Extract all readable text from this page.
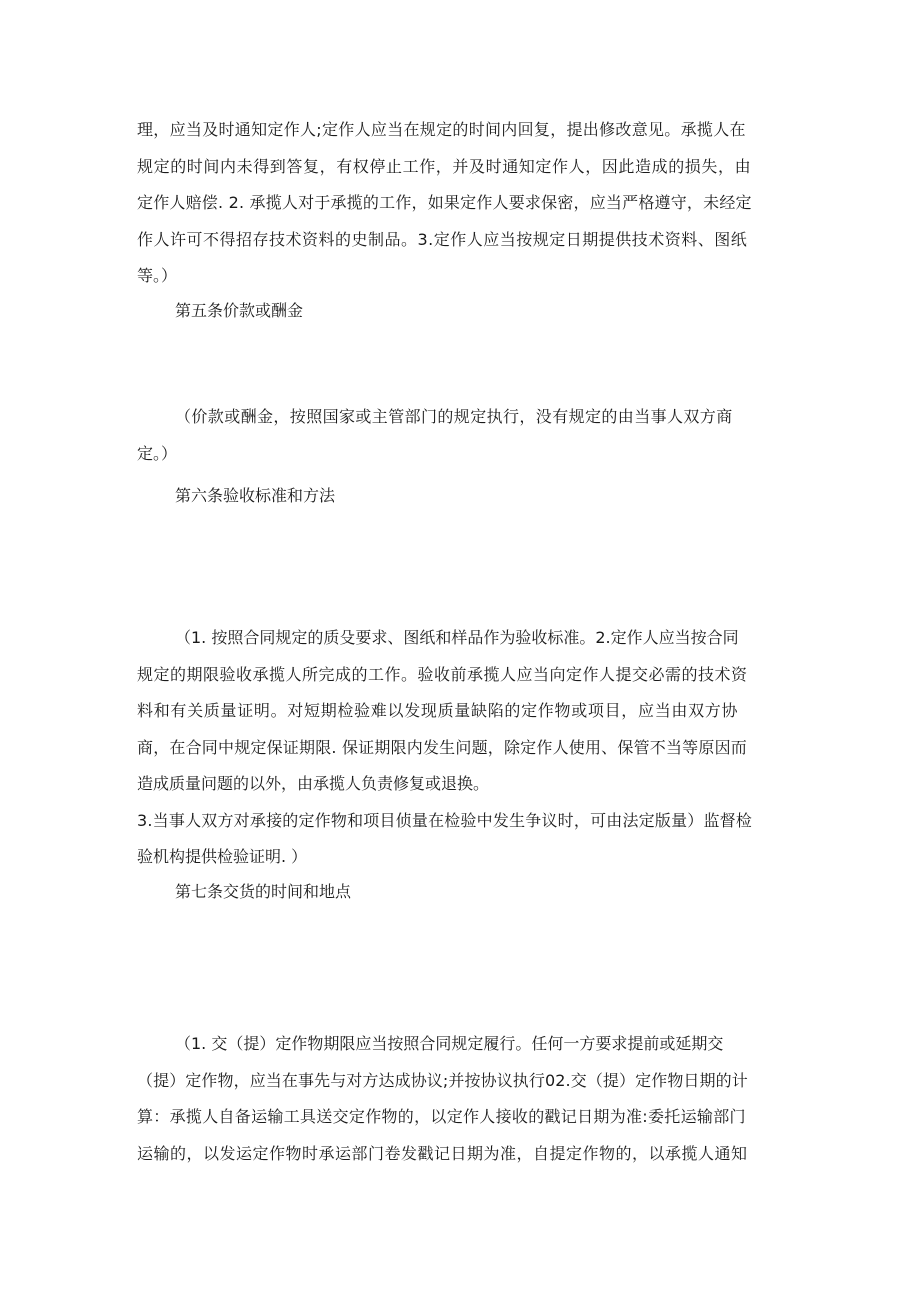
理，应当及时通知定作人;定作人应当在规定的时间内回复，提出修改意见。承揽人在
规定的时间内未得到答复，有权停止工作，并及时通知定作人，因此造成的损失，由
定作人赔偿. 2. 承揽人对于承揽的工作，如果定作人要求保密，应当严格遵守，未经定
作人许可不得招存技术资料的史制品。3.定作人应当按规定日期提供技术资料、图纸
等。）
第五条价款或酬金
（价款或酬金，按照国家或主管部门的规定执行，没有规定的由当事人双方商
定。）
第六条验收标准和方法
（1. 按照合同规定的质殳要求、图纸和样品作为验收标准。2.定作人应当按合同
规定的期限验收承揽人所完成的工作。验收前承揽人应当向定作人提交必需的技术资
料和有关质量证明。对短期检验难以发现质量缺陷的定作物或项目，应当由双方协
商，在合同中规定保证期限. 保证期限内发生问题，除定作人使用、保管不当等原因而
造成质量问题的以外，由承揽人负责修复或退换。
3.当事人双方对承接的定作物和项目侦量在检验中发生争议时，可由法定版量）监督检
验机构提供检验证明. ）
第七条交货的时间和地点
（1. 交（提）定作物期限应当按照合同规定履行。任何一方要求提前或延期交
（提）定作物，应当在事先与对方达成协议;并按协议执行02.交（提）定作物日期的计
算：承揽人自备运输工具送交定作物的，以定作人接收的戳记日期为准:委托运输部门
运输的，以发运定作物时承运部门卷发戳记日期为准，自提定作物的，以承揽人通知
